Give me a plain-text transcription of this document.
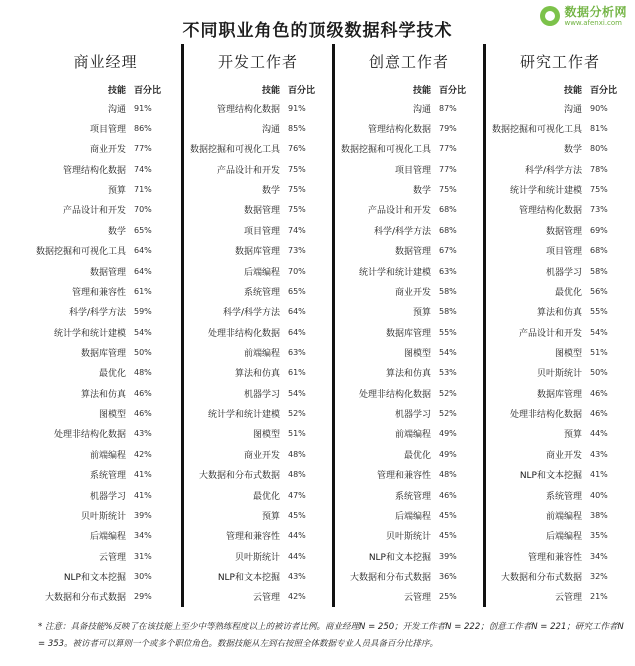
数据分析网
www.afenxi.com
不同职业角色的顶级数据科学技术
商业经理
技能 百分比
沟通	91%
项目管理	86%
商业开发	77%
管理结构化数据	74%
预算	71%
产品设计和开发	70%
数学	65%
数据挖掘和可视化工具	64%
数据管理	64%
管理和兼容性	61%
科学/科学方法	59%
统计学和统计建模	54%
数据库管理	50%
最优化	48%
算法和仿真	46%
图模型	46%
处理非结构化数据	43%
前端编程	42%
系统管理	41%
机器学习	41%
贝叶斯统计	39%
后端编程	34%
云管理	31%
NLP和文本挖掘	30%
大数据和分布式数据	29%
开发工作者
技能 百分比
管理结构化数据	91%
沟通	85%
数据挖掘和可视化工具	76%
产品设计和开发	75%
数学	75%
数据管理	75%
项目管理	74%
数据库管理	73%
后端编程	70%
系统管理	65%
科学/科学方法	64%
处理非结构化数据	64%
前端编程	63%
算法和仿真	61%
机器学习	54%
统计学和统计建模	52%
图模型	51%
商业开发	48%
大数据和分布式数据	48%
最优化	47%
预算	45%
管理和兼容性	44%
贝叶斯统计	44%
NLP和文本挖掘	43%
云管理	42%
创意工作者
技能 百分比
沟通	87%
管理结构化数据	79%
数据挖掘和可视化工具	77%
项目管理	77%
数学	75%
产品设计和开发	68%
科学/科学方法	68%
数据管理	67%
统计学和统计建模	63%
商业开发	58%
预算	58%
数据库管理	55%
图模型	54%
算法和仿真	53%
处理非结构化数据	52%
机器学习	52%
前端编程	49%
最优化	49%
管理和兼容性	48%
系统管理	46%
后端编程	45%
贝叶斯统计	45%
NLP和文本挖掘	39%
大数据和分布式数据	36%
云管理	25%
研究工作者
技能 百分比
沟通	90%
数据挖掘和可视化工具	81%
数学	80%
科学/科学方法	78%
统计学和统计建模	75%
管理结构化数据	73%
数据管理	69%
项目管理	68%
机器学习	58%
最优化	56%
算法和仿真	55%
产品设计和开发	54%
图模型	51%
贝叶斯统计	50%
数据库管理	46%
处理非结构化数据	46%
预算	44%
商业开发	43%
NLP和文本挖掘	41%
系统管理	40%
前端编程	38%
后端编程	35%
管理和兼容性	34%
大数据和分布式数据	32%
云管理	21%
* 注意：具备技能%反映了在该技能上至少中等熟练程度以上的被访者比例。商业经理N = 250；开发工作者N = 222；创意工作者N = 221；研究工作者N = 353。被访者可以算则一个或多个职位角色。数据技能从左到右按照全体数据专业人员具备百分比排序。
